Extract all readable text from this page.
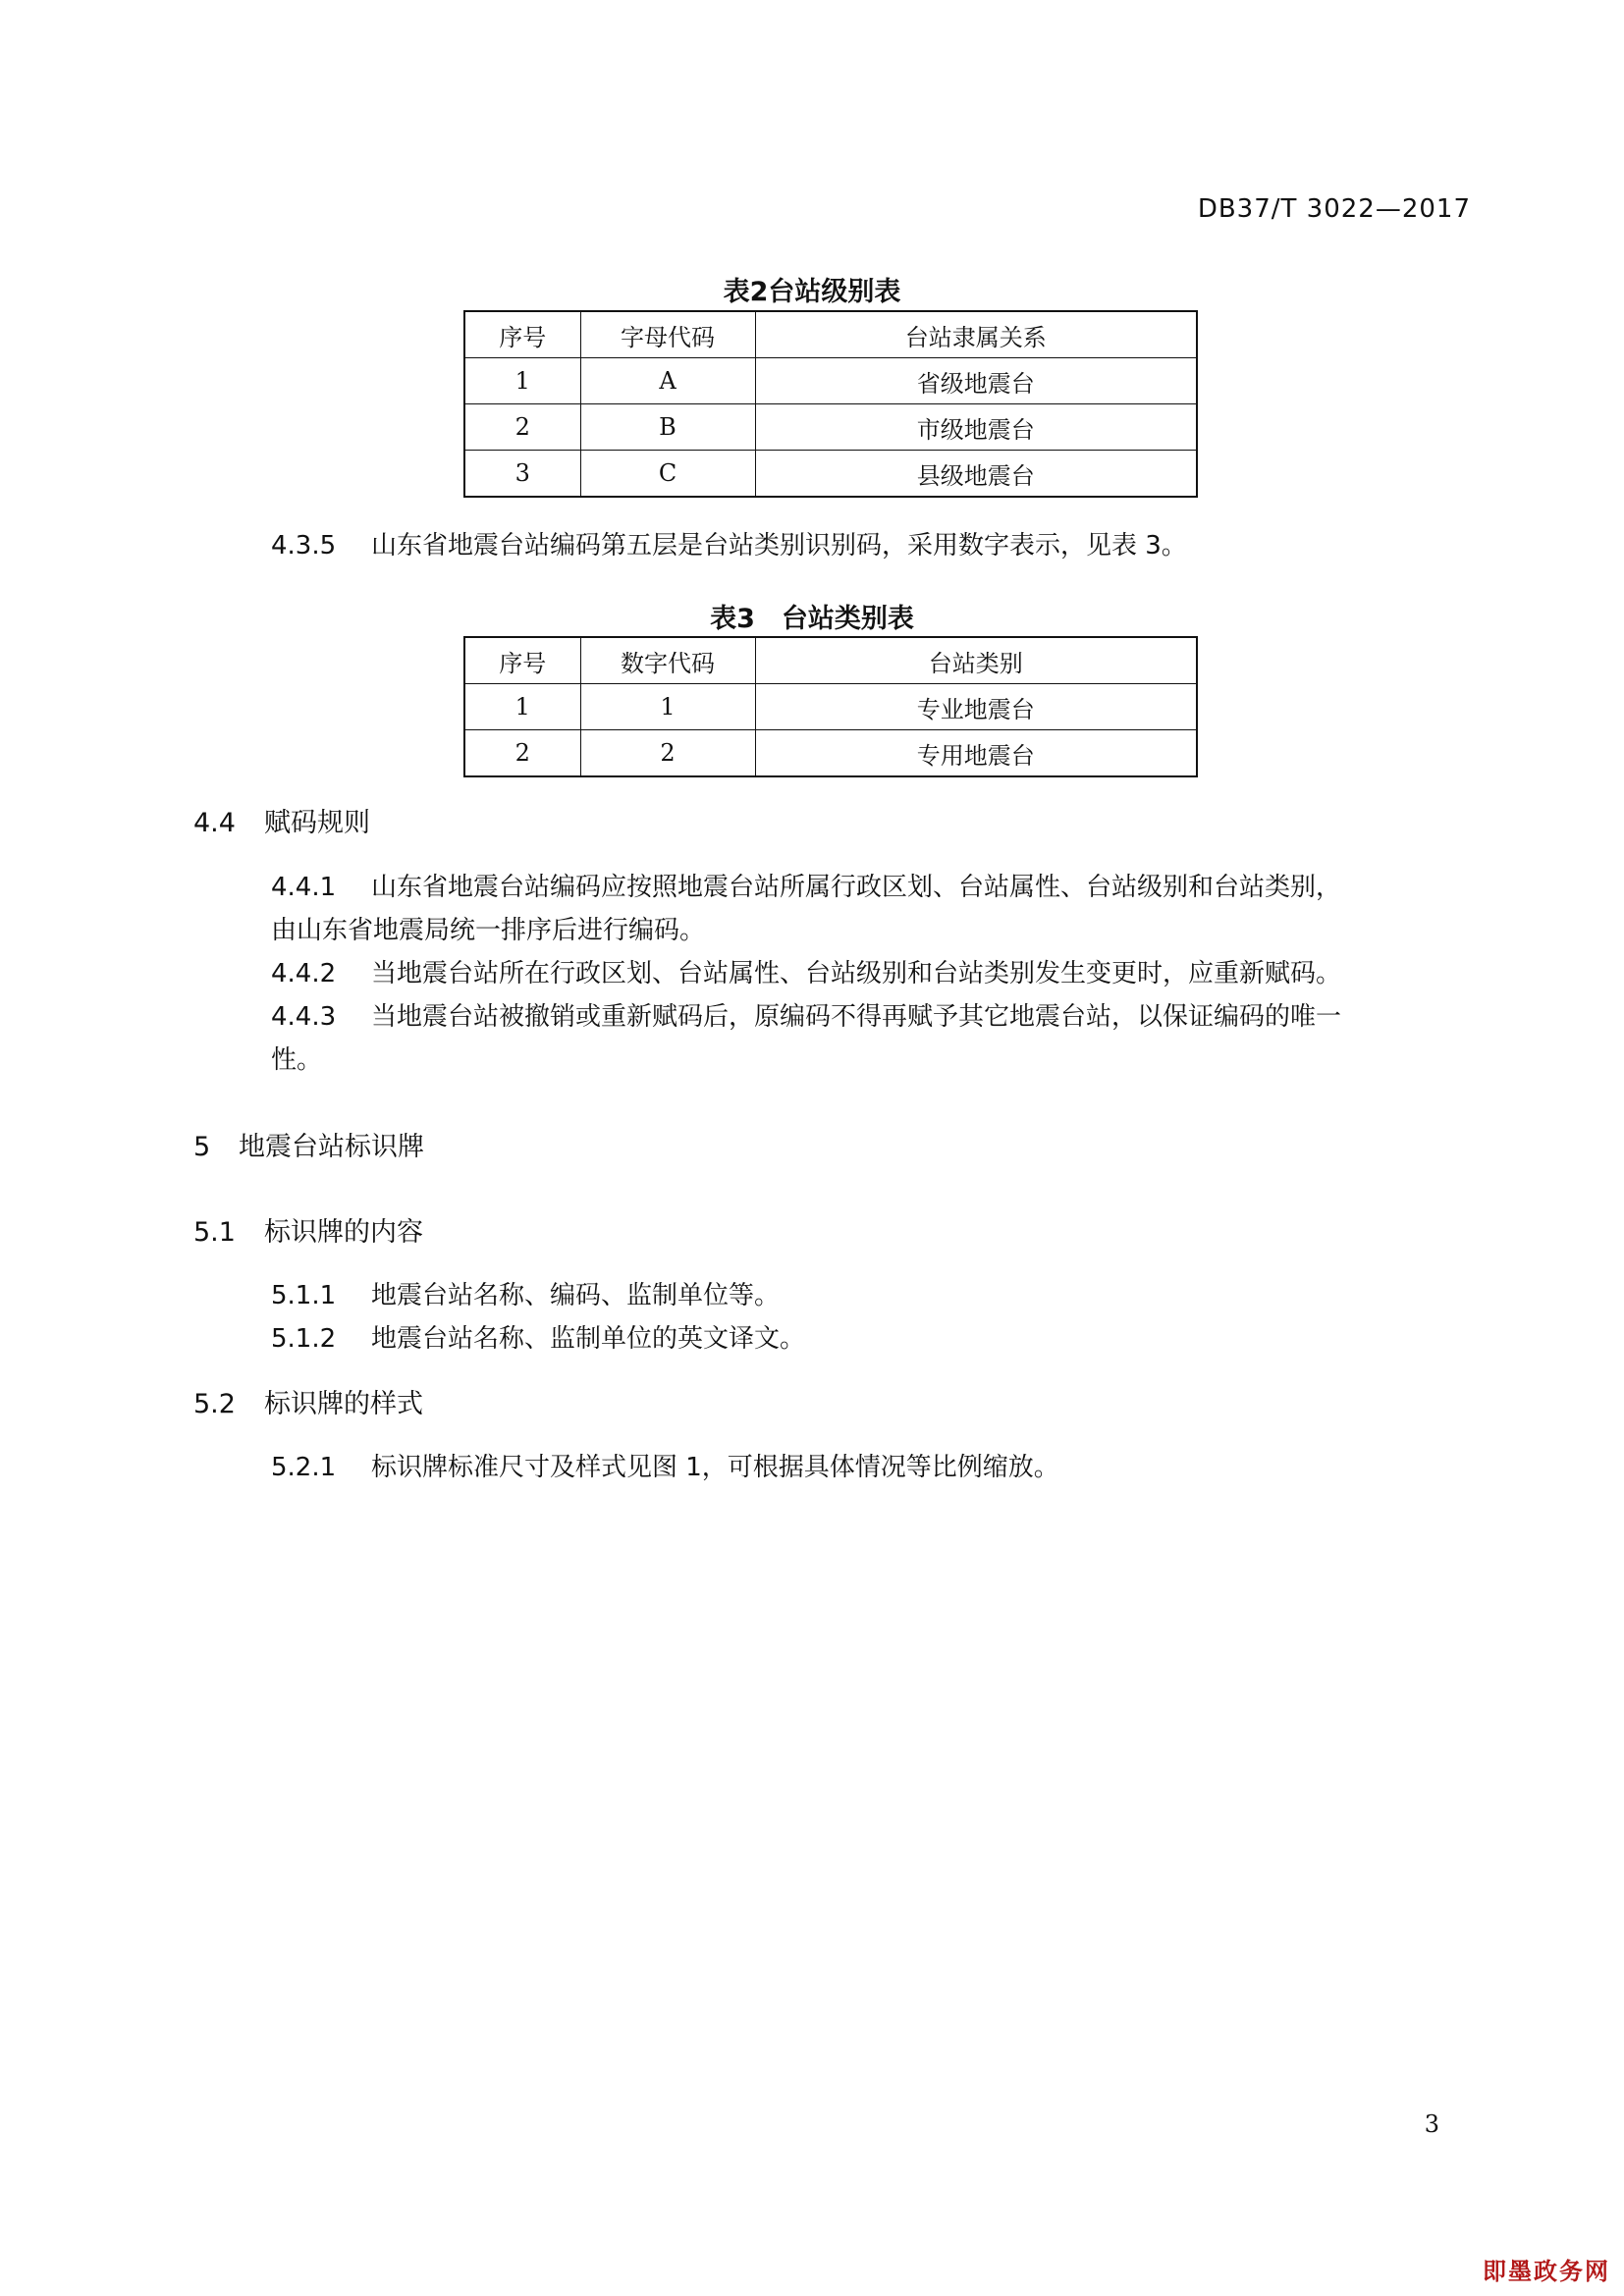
DB37/T 3022—2017
表2台站级别表
序号	字母代码	台站隶属关系
1	A	省级地震台
2	B	市级地震台
3	C	县级地震台
4.3.5 山东省地震台站编码第五层是台站类别识别码，采用数字表示，见表 3。
表3　台站类别表
序号	数字代码	台站类别
1	1	专业地震台
2	2	专用地震台
4.4 赋码规则
4.4.1 山东省地震台站编码应按照地震台站所属行政区划、台站属性、台站级别和台站类别，
由山东省地震局统一排序后进行编码。
4.4.2 当地震台站所在行政区划、台站属性、台站级别和台站类别发生变更时，应重新赋码。
4.4.3 当地震台站被撤销或重新赋码后，原编码不得再赋予其它地震台站，以保证编码的唯一
性。
5 地震台站标识牌
5.1 标识牌的内容
5.1.1 地震台站名称、编码、监制单位等。
5.1.2 地震台站名称、监制单位的英文译文。
5.2 标识牌的样式
5.2.1 标识牌标准尺寸及样式见图 1，可根据具体情况等比例缩放。
3
即墨政务网
